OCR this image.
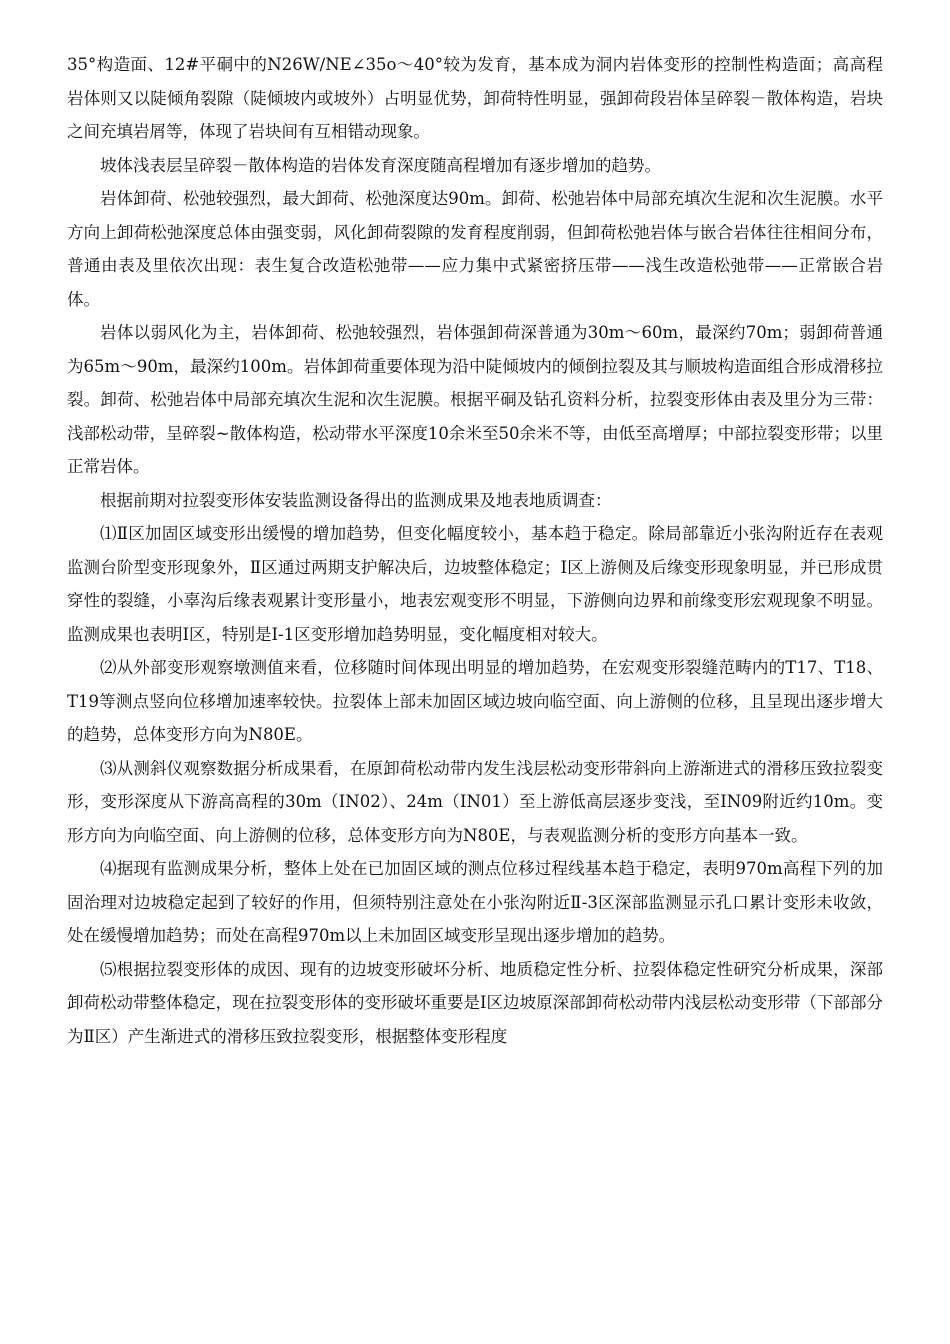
35°构造面、12#平硐中的N26W/NE∠35o～40°较为发育，基本成为洞内岩体变形的控制性构造面；高高程岩体则又以陡倾角裂隙（陡倾坡内或坡外）占明显优势，卸荷特性明显，强卸荷段岩体呈碎裂－散体构造，岩块之间充填岩屑等，体现了岩块间有互相错动现象。

坡体浅表层呈碎裂－散体构造的岩体发育深度随高程增加有逐步增加的趋势。

岩体卸荷、松弛较强烈，最大卸荷、松弛深度达90m。卸荷、松弛岩体中局部充填次生泥和次生泥膜。水平方向上卸荷松弛深度总体由强变弱，风化卸荷裂隙的发育程度削弱，但卸荷松弛岩体与嵌合岩体往往相间分布，普通由表及里依次出现：表生复合改造松弛带——应力集中式紧密挤压带——浅生改造松弛带——正常嵌合岩体。

岩体以弱风化为主，岩体卸荷、松弛较强烈，岩体强卸荷深普通为30m～60m，最深约70m；弱卸荷普通为65m～90m，最深约100m。岩体卸荷重要体现为沿中陡倾坡内的倾倒拉裂及其与顺坡构造面组合形成滑移拉裂。卸荷、松弛岩体中局部充填次生泥和次生泥膜。根据平硐及钻孔资料分析，拉裂变形体由表及里分为三带：浅部松动带，呈碎裂~散体构造，松动带水平深度10余米至50余米不等，由低至高增厚；中部拉裂变形带；以里正常岩体。

根据前期对拉裂变形体安装监测设备得出的监测成果及地表地质调查：

⑴Ⅱ区加固区域变形出缓慢的增加趋势，但变化幅度较小，基本趋于稳定。除局部靠近小张沟附近存在表观监测台阶型变形现象外，Ⅱ区通过两期支护解决后，边坡整体稳定；Ⅰ区上游侧及后缘变形现象明显，并已形成贯穿性的裂缝，小辜沟后缘表观累计变形量小，地表宏观变形不明显，下游侧向边界和前缘变形宏观现象不明显。监测成果也表明Ⅰ区，特别是Ⅰ-1区变形增加趋势明显，变化幅度相对较大。

⑵从外部变形观察墩测值来看，位移随时间体现出明显的增加趋势，在宏观变形裂缝范畴内的T17、T18、T19等测点竖向位移增加速率较快。拉裂体上部未加固区域边坡向临空面、向上游侧的位移，且呈现出逐步增大的趋势，总体变形方向为N80E。

⑶从测斜仪观察数据分析成果看，在原卸荷松动带内发生浅层松动变形带斜向上游渐进式的滑移压致拉裂变形，变形深度从下游高高程的30m（IN02）、24m（IN01）至上游低高层逐步变浅，至IN09附近约10m。变形方向为向临空面、向上游侧的位移，总体变形方向为N80E，与表观监测分析的变形方向基本一致。

⑷据现有监测成果分析，整体上处在已加固区域的测点位移过程线基本趋于稳定，表明970m高程下列的加固治理对边坡稳定起到了较好的作用，但须特别注意处在小张沟附近Ⅱ-3区深部监测显示孔口累计变形未收敛，处在缓慢增加趋势；而处在高程970m以上未加固区域变形呈现出逐步增加的趋势。

⑸根据拉裂变形体的成因、现有的边坡变形破坏分析、地质稳定性分析、拉裂体稳定性研究分析成果，深部卸荷松动带整体稳定，现在拉裂变形体的变形破坏重要是Ⅰ区边坡原深部卸荷松动带内浅层松动变形带（下部部分为Ⅱ区）产生渐进式的滑移压致拉裂变形，根据整体变形程度
